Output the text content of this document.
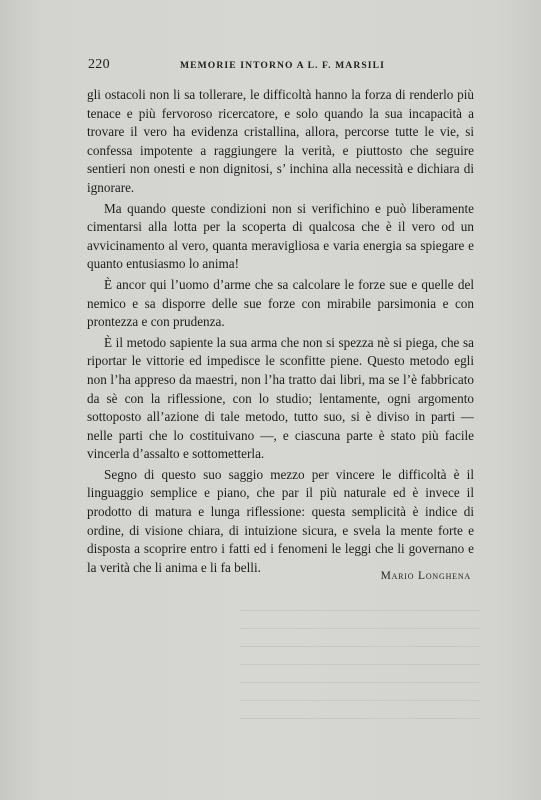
220	MEMORIE INTORNO A L. F. MARSILI

gli ostacoli non li sa tollerare, le difficoltà hanno la forza di renderlo più tenace e più fervoroso ricercatore, e solo quando la sua incapacità a trovare il vero ha evidenza cristallina, allora, percorse tutte le vie, si confessa impotente a raggiungere la verità, e piuttosto che seguire sentieri non onesti e non dignitosi, s’ inchina alla necessità e dichiara di ignorare.

Ma quando queste condizioni non si verifichino e può liberamente cimentarsi alla lotta per la scoperta di qualcosa che è il vero od un avvicinamento al vero, quanta meravigliosa e varia energia sa spiegare e quanto entusiasmo lo anima!

È ancor qui l’uomo d’arme che sa calcolare le forze sue e quelle del nemico e sa disporre delle sue forze con mirabile parsimonia e con prontezza e con prudenza.

È il metodo sapiente la sua arma che non si spezza nè si piega, che sa riportar le vittorie ed impedisce le sconfitte piene. Questo metodo egli non l’ha appreso da maestri, non l’ha tratto dai libri, ma se l’è fabbricato da sè con la riflessione, con lo studio; lentamente, ogni argomento sottoposto all’azione di tale metodo, tutto suo, si è diviso in parti — nelle parti che lo costituivano —, e ciascuna parte è stato più facile vincerla d’assalto e sottometterla.

Segno di questo suo saggio mezzo per vincere le difficoltà è il linguaggio semplice e piano, che par il più naturale ed è invece il prodotto di matura e lunga riflessione: questa semplicità è indice di ordine, di visione chiara, di intuizione sicura, e svela la mente forte e disposta a scoprire entro i fatti ed i fenomeni le leggi che li governano e la verità che li anima e li fa belli.

Mario Longhena
